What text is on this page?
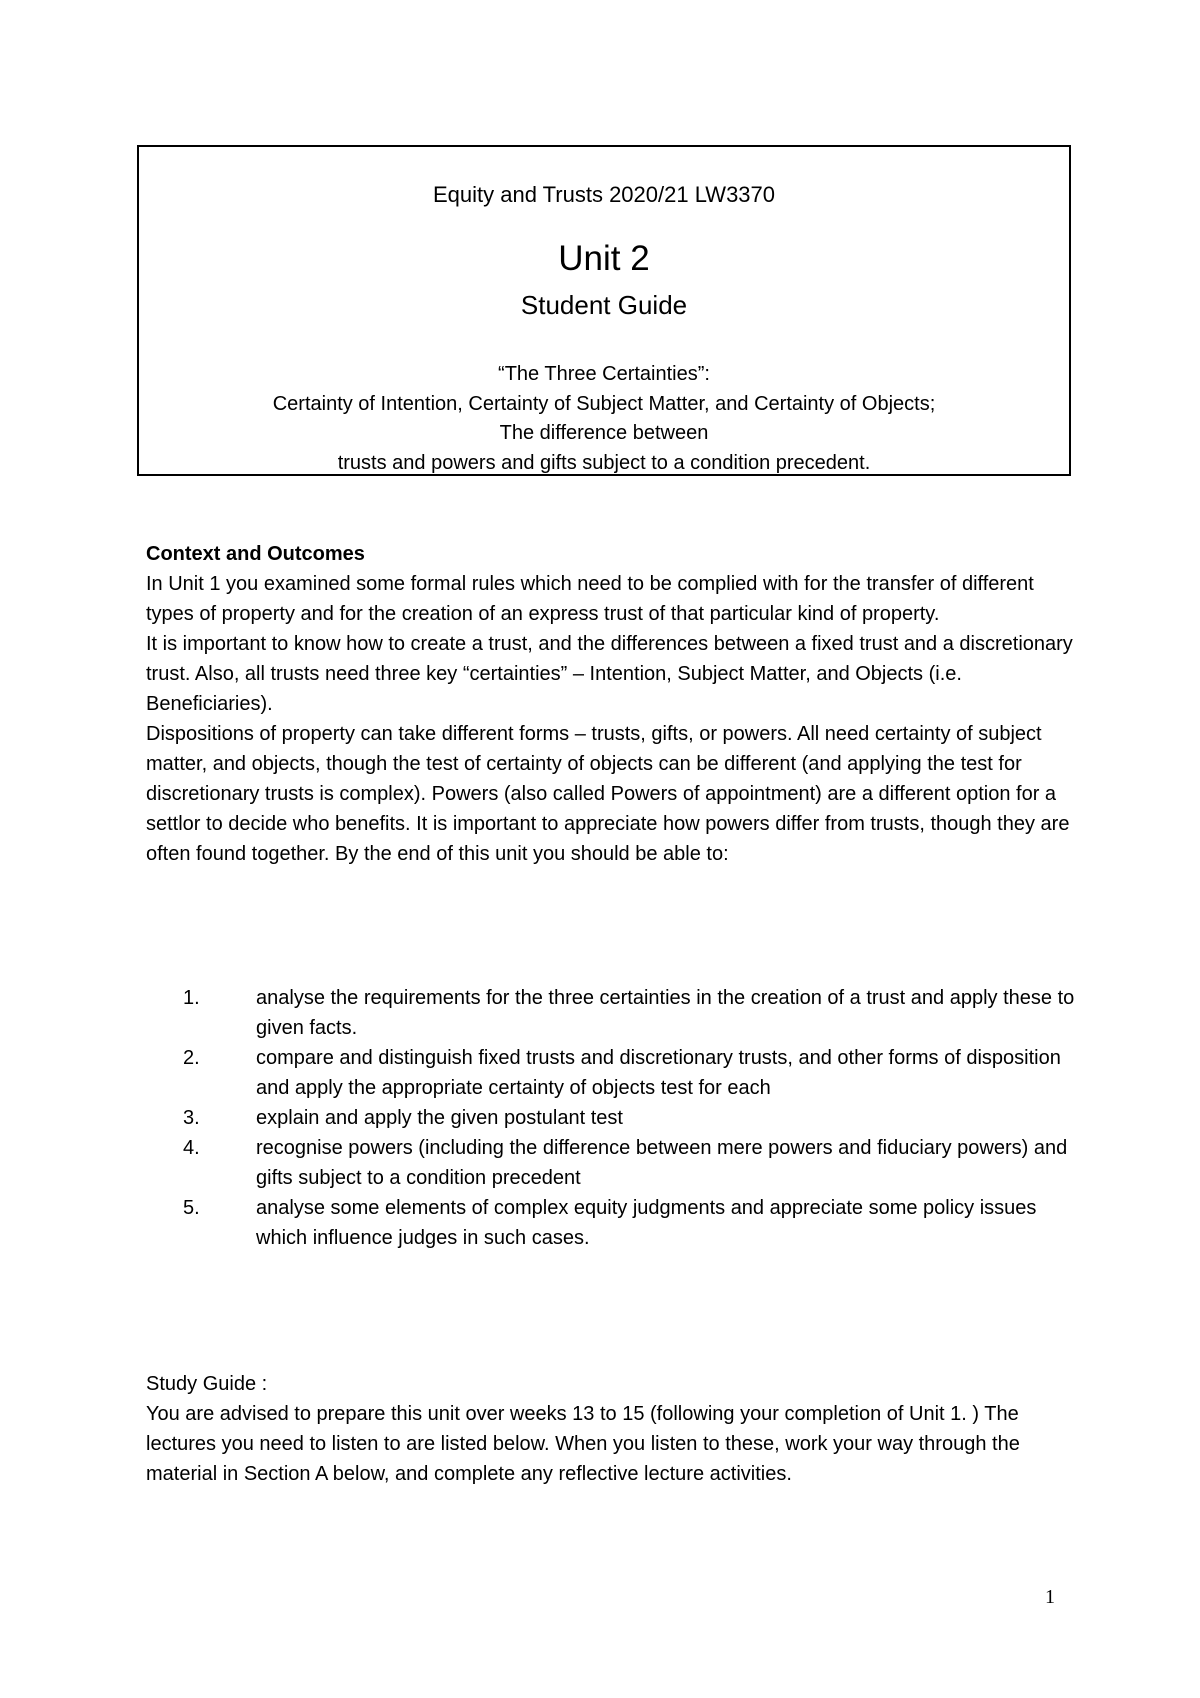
Equity and Trusts 2020/21 LW3370
Unit 2
Student Guide
“The Three Certainties”:
Certainty of Intention, Certainty of Subject Matter, and Certainty of Objects;
The difference between
trusts and powers and gifts subject to a condition precedent.

Context and Outcomes

In Unit 1 you examined some formal rules which need to be complied with for the transfer of different types of property and for the creation of an express trust of that particular kind of property.

It is important to know how to create a trust, and the differences between a fixed trust and a discretionary trust. Also, all trusts need three key “certainties” – Intention, Subject Matter, and Objects (i.e. Beneficiaries).

Dispositions of property can take different forms – trusts, gifts, or powers. All need certainty of subject matter, and objects, though the test of certainty of objects can be different (and applying the test for discretionary trusts is complex). Powers (also called Powers of appointment) are a different option for a settlor to decide who benefits. It is important to appreciate how powers differ from trusts, though they are often found together. By the end of this unit you should be able to:

1.	analyse the requirements for the three certainties in the creation of a trust and apply these to given facts.
2.	compare and distinguish fixed trusts and discretionary trusts, and other forms of disposition and apply the appropriate certainty of objects test for each
3.	explain and apply the given postulant test
4.	recognise powers (including the difference between mere powers and fiduciary powers) and gifts subject to a condition precedent
5.	analyse some elements of complex equity judgments and appreciate some policy issues which influence judges in such cases.

Study Guide :

You are advised to prepare this unit over weeks 13 to 15 (following your completion of Unit 1. ) The lectures you need to listen to are listed below. When you listen to these, work your way through the material in Section A below, and complete any reflective lecture activities.

1
